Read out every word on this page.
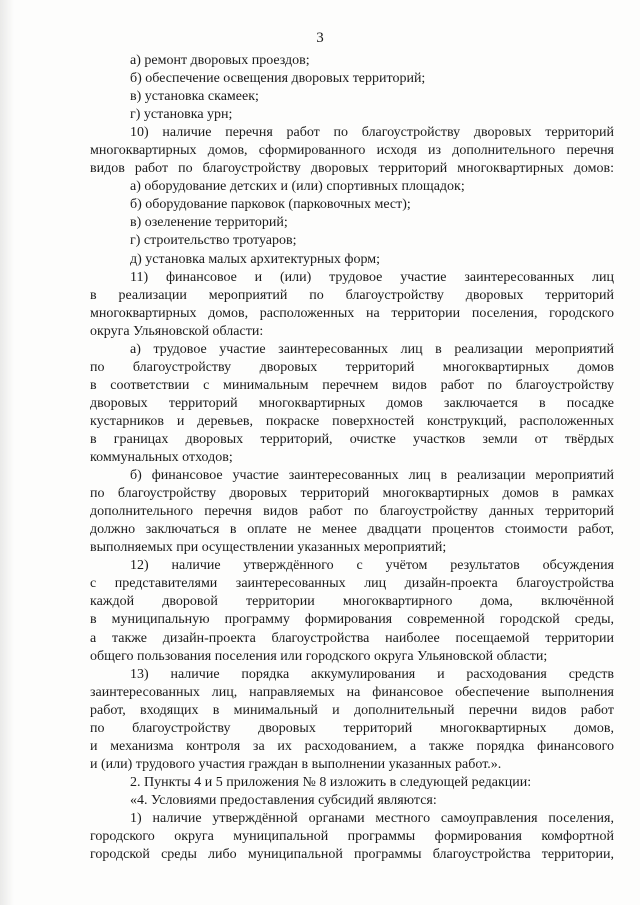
3
а) ремонт дворовых проездов;
б) обеспечение освещения дворовых территорий;
в) установка скамеек;
г) установка урн;
10) наличие перечня работ по благоустройству дворовых территорий
многоквартирных домов, сформированного исходя из дополнительного перечня
видов работ по благоустройству дворовых территорий многоквартирных домов:
а) оборудование детских и (или) спортивных площадок;
б) оборудование парковок (парковочных мест);
в) озеленение территорий;
г) строительство тротуаров;
д) установка малых архитектурных форм;
11) финансовое и (или) трудовое участие заинтересованных лиц
в реализации мероприятий по благоустройству дворовых территорий
многоквартирных домов, расположенных на территории поселения, городского
округа Ульяновской области:
а) трудовое участие заинтересованных лиц в реализации мероприятий
по благоустройству дворовых территорий многоквартирных домов
в соответствии с минимальным перечнем видов работ по благоустройству
дворовых территорий многоквартирных домов заключается в посадке
кустарников и деревьев, покраске поверхностей конструкций, расположенных
в границах дворовых территорий, очистке участков земли от твёрдых
коммунальных отходов;
б) финансовое участие заинтересованных лиц в реализации мероприятий
по благоустройству дворовых территорий многоквартирных домов в рамках
дополнительного перечня видов работ по благоустройству данных территорий
должно заключаться в оплате не менее двадцати процентов стоимости работ,
выполняемых при осуществлении указанных мероприятий;
12) наличие утверждённого с учётом результатов обсуждения
с представителями заинтересованных лиц дизайн-проекта благоустройства
каждой дворовой территории многоквартирного дома, включённой
в муниципальную программу формирования современной городской среды,
а также дизайн-проекта благоустройства наиболее посещаемой территории
общего пользования поселения или городского округа Ульяновской области;
13) наличие порядка аккумулирования и расходования средств
заинтересованных лиц, направляемых на финансовое обеспечение выполнения
работ, входящих в минимальный и дополнительный перечни видов работ
по благоустройству дворовых территорий многоквартирных домов,
и механизма контроля за их расходованием, а также порядка финансового
и (или) трудового участия граждан в выполнении указанных работ.».
2. Пункты 4 и 5 приложения № 8 изложить в следующей редакции:
«4. Условиями предоставления субсидий являются:
1) наличие утверждённой органами местного самоуправления поселения,
городского округа муниципальной программы формирования комфортной
городской среды либо муниципальной программы благоустройства территории,
